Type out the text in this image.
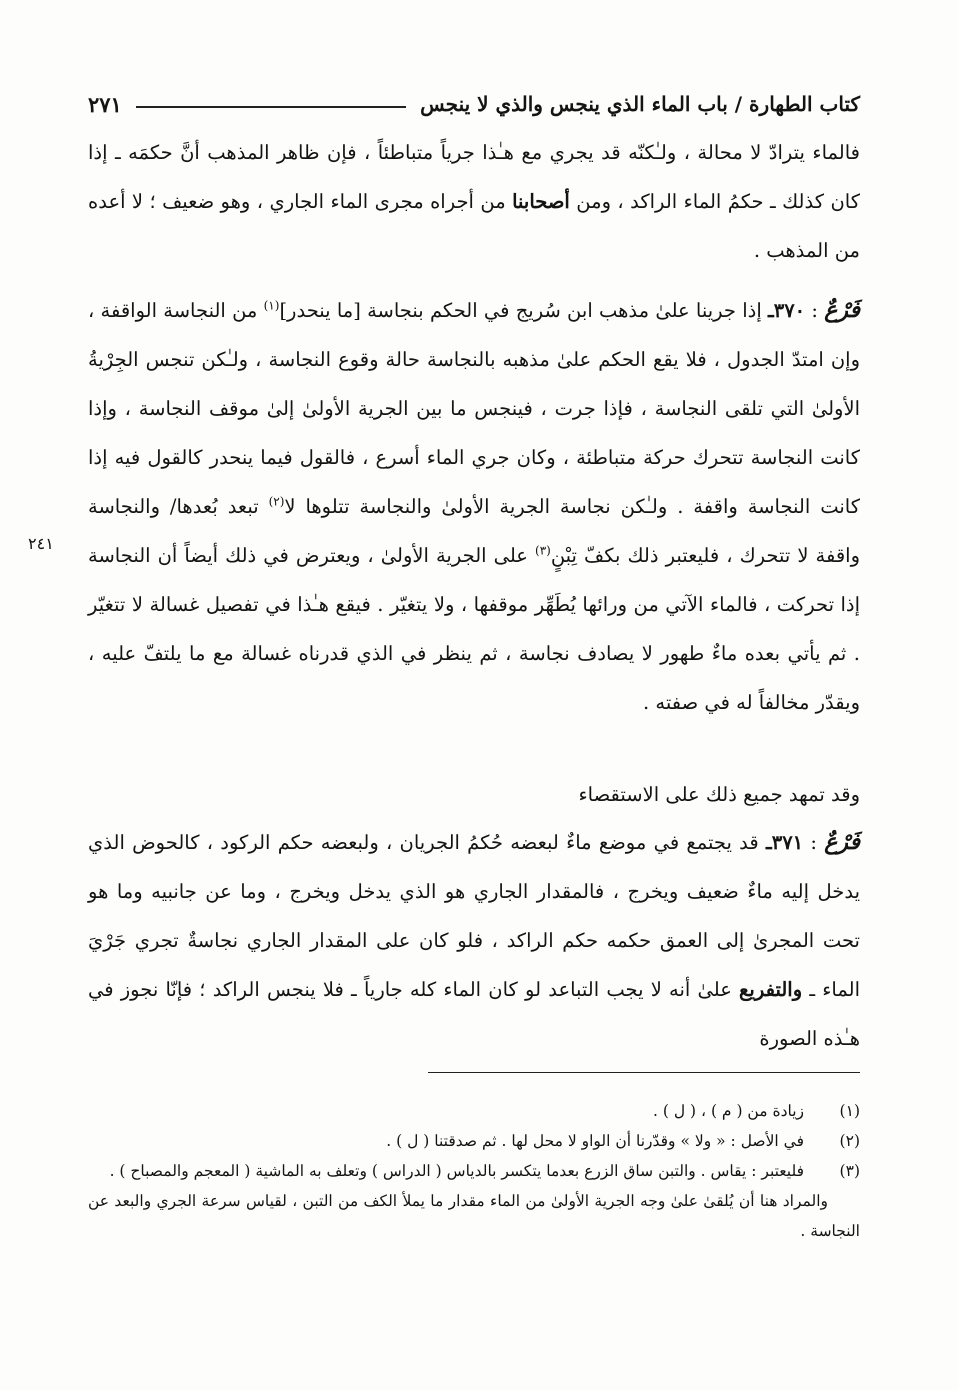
كتاب الطهارة / باب الماء الذي ينجس والذي لا ينجس
٢٧١

فالماء يترادّ لا محالة ، ولـٰكنّه قد يجري مع هـٰذا جرياً متباطئاً ، فإن ظاهر المذهب أنَّ حكمَه ـ إذا كان كذلك ـ حكمُ الماء الراكد ، ومن أصحابنا من أجراه مجرى الماء الجاري ، وهو ضعيف ؛ لا أعده من المذهب .

فَرْعٌ : ٣٧٠ـ إذا جرينا علىٰ مذهب ابن سُريج في الحكم بنجاسة [ما ينحدر]$^{(١)}$ من النجاسة الواقفة ، وإن امتدّ الجدول ، فلا يقع الحكم علىٰ مذهبه بالنجاسة حالة وقوع النجاسة ، ولـٰكن تنجس الجِرْيةُ الأولىٰ التي تلقى النجاسة ، فإذا جرت ، فينجس ما بين الجرية الأولىٰ إلىٰ موقف النجاسة ، وإذا كانت النجاسة تتحرك حركة متباطئة ، وكان جري الماء أسرع ، فالقول فيما ينحدر كالقول فيه إذا كانت النجاسة واقفة . ولـٰكن نجاسة الجرية الأولىٰ والنجاسة تتلوها لا$^{(٢)}$ تبعد بُعدها/ والنجاسة واقفة لا تتحرك ، فليعتبر ذلك بكفّ تِبْنٍ$^{(٣)}$ على الجرية الأولىٰ ، ويعترض في ذلك أيضاً أن النجاسة إذا تحركت ، فالماء الآتي من ورائها يُطَهِّر موقفها ، ولا يتغيّر . فيقع هـٰذا في تفصيل غسالة لا تتغيّر . ثم يأتي بعده ماءٌ طهور لا يصادف نجاسة ، ثم ينظر في الذي قدرناه غسالة مع ما يلتفّ عليه ، ويقدّر مخالفاً له في صفته .

٢٤١

وقد تمهد جميع ذلك على الاستقصاء

فَرْعٌ : ٣٧١ـ قد يجتمع في موضع ماءٌ لبعضه حُكمُ الجريان ، ولبعضه حكم الركود ، كالحوض الذي يدخل إليه ماءٌ ضعيف ويخرج ، فالمقدار الجاري هو الذي يدخل ويخرج ، وما عن جانبيه وما هو تحت المجرىٰ إلى العمق حكمه حكم الراكد ، فلو كان على المقدار الجاري نجاسةٌ تجري جَرْيَ الماء ـ والتفريع علىٰ أنه لا يجب التباعد لو كان الماء كله جارياً ـ فلا ينجس الراكد ؛ فإنّا نجوز في هـٰذه الصورة

(١)
زيادة من ( م ) ، ( ل ) .
(٢)
في الأصل : « ولا » وقدّرنا أن الواو لا محل لها . ثم صدقتنا ( ل ) .
(٣)
فليعتبر : يقاس . والتبن ساق الزرع بعدما يتكسر بالدياس ( الدراس ) وتعلف به الماشية ( المعجم والمصباح ) .
والمراد هنا أن يُلقىٰ علىٰ وجه الجرية الأولىٰ من الماء مقدار ما يملأ الكف من التبن ، لقياس سرعة الجري والبعد عن النجاسة .
